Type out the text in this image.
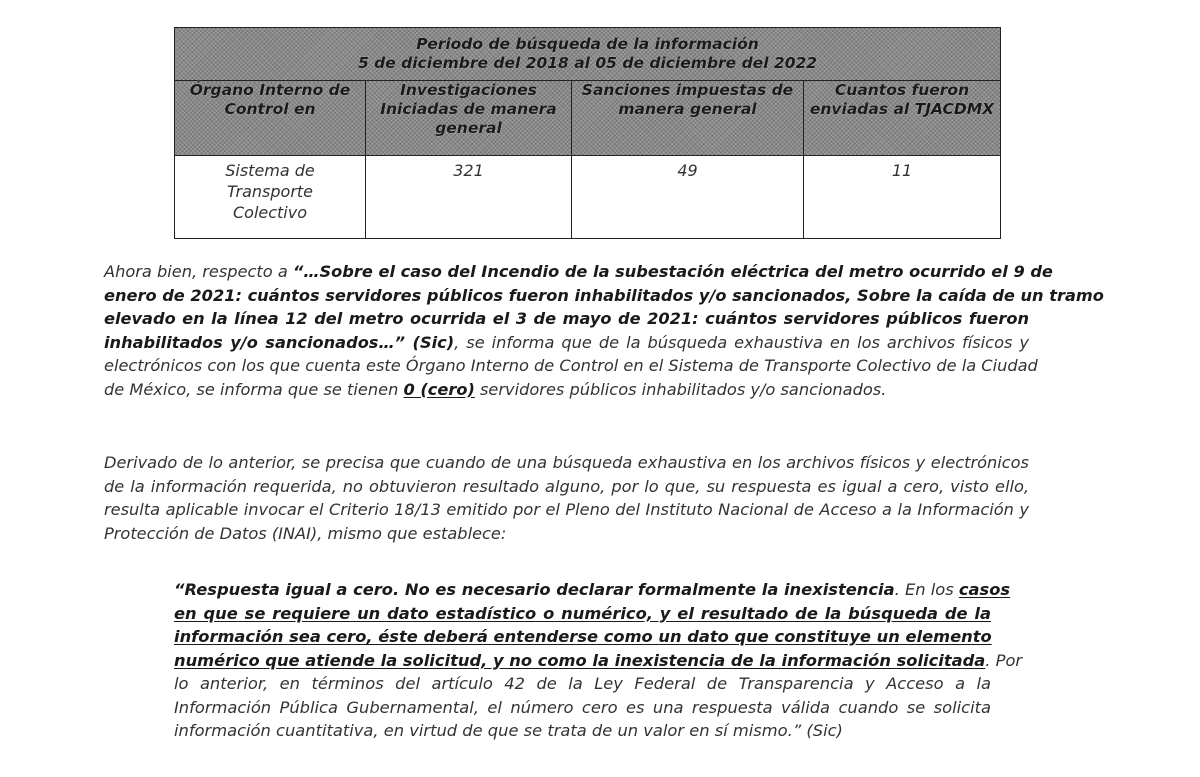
Periodo de búsqueda de la información
5 de diciembre del 2018 al 05 de diciembre del 2022			

Órgano Interno de Control en	Investigaciones Iniciadas de manera general	Sanciones impuestas de manera general	Cuantos fueron enviadas al TJACDMX
Sistema de Transporte Colectivo	321	49	11
Ahora bien, respecto a “…Sobre el caso del Incendio de la subestación eléctrica del metro ocurrido el 9 de
enero de 2021: cuántos servidores públicos fueron inhabilitados y/o sancionados, Sobre la caída de un tramo
elevado en la línea 12 del metro ocurrida el 3 de mayo de 2021: cuántos servidores públicos fueron
inhabilitados y/o sancionados…” (Sic), se informa que de la búsqueda exhaustiva en los archivos físicos y
electrónicos con los que cuenta este Órgano Interno de Control en el Sistema de Transporte Colectivo de la Ciudad
de México, se informa que se tienen 0 (cero) servidores públicos inhabilitados y/o sancionados.
Derivado de lo anterior, se precisa que cuando de una búsqueda exhaustiva en los archivos físicos y electrónicos
de la información requerida, no obtuvieron resultado alguno, por lo que, su respuesta es igual a cero, visto ello,
resulta aplicable invocar el Criterio 18/13 emitido por el Pleno del Instituto Nacional de Acceso a la Información y
Protección de Datos (INAI), mismo que establece:
“Respuesta igual a cero. No es necesario declarar formalmente la inexistencia. En los casos
en que se requiere un dato estadístico o numérico, y el resultado de la búsqueda de la
información sea cero, éste deberá entenderse como un dato que constituye un elemento
numérico que atiende la solicitud, y no como la inexistencia de la información solicitada. Por
lo anterior, en términos del artículo 42 de la Ley Federal de Transparencia y Acceso a la
Información Pública Gubernamental, el número cero es una respuesta válida cuando se solicita
información cuantitativa, en virtud de que se trata de un valor en sí mismo.” (Sic)
